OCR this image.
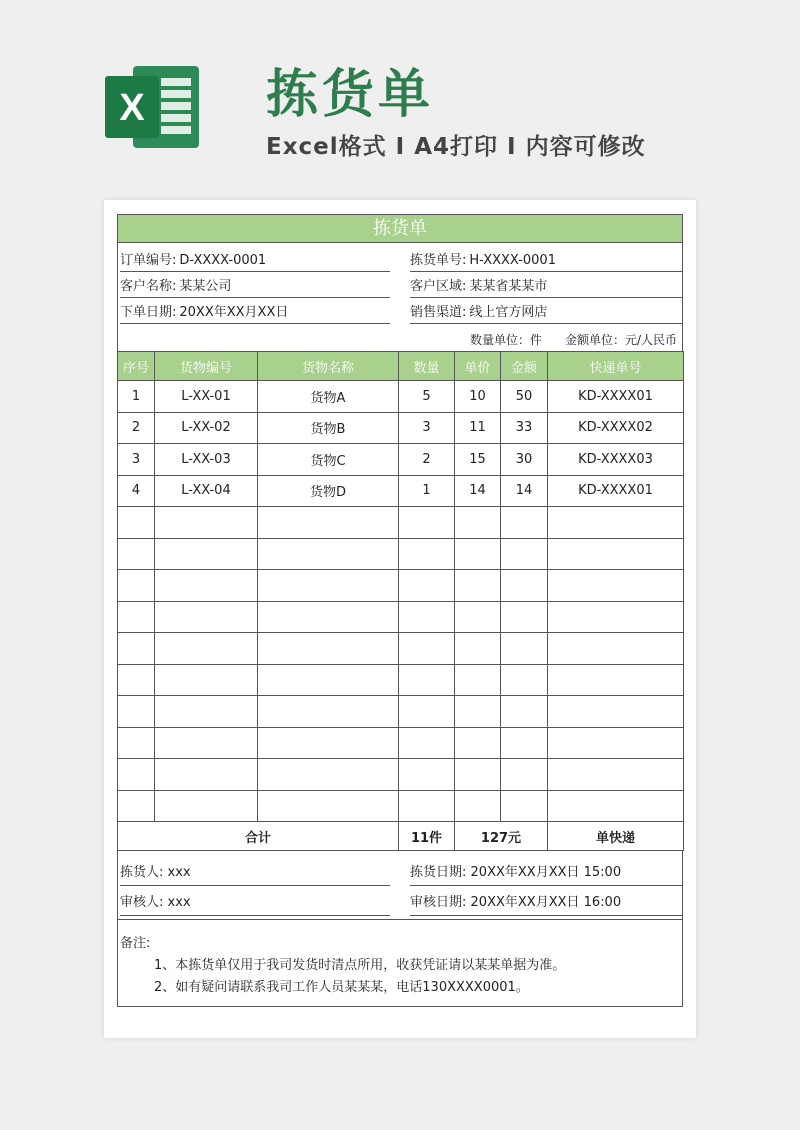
X 拣货单
Excel格式 I A4打印 I 内容可修改
拣货单
订单编号: D-XXXX-0001	拣货单号: H-XXXX-0001
客户名称: 某某公司	客户区域: 某某省某某市
下单日期: 20XX年XX月XX日	销售渠道: 线上官方网店
数量单位：件 金额单位：元/人民币
序号	货物编号	货物名称	数量	单价	金额	快递单号
1	L-XX-01	货物A	5	10	50	KD-XXXX01
2	L-XX-02	货物B	3	11	33	KD-XXXX02
3	L-XX-03	货物C	2	15	30	KD-XXXX03
4	L-XX-04	货物D	1	14	14	KD-XXXX01

合计			11件	127元		单快递
拣货人: xxx	拣货日期: 20XX年XX月XX日 15:00
审核人: xxx	审核日期: 20XX年XX月XX日 16:00
备注:
1、本拣货单仅用于我司发货时清点所用，收获凭证请以某某单据为准。
2、如有疑问请联系我司工作人员某某某，电话130XXXX0001。
